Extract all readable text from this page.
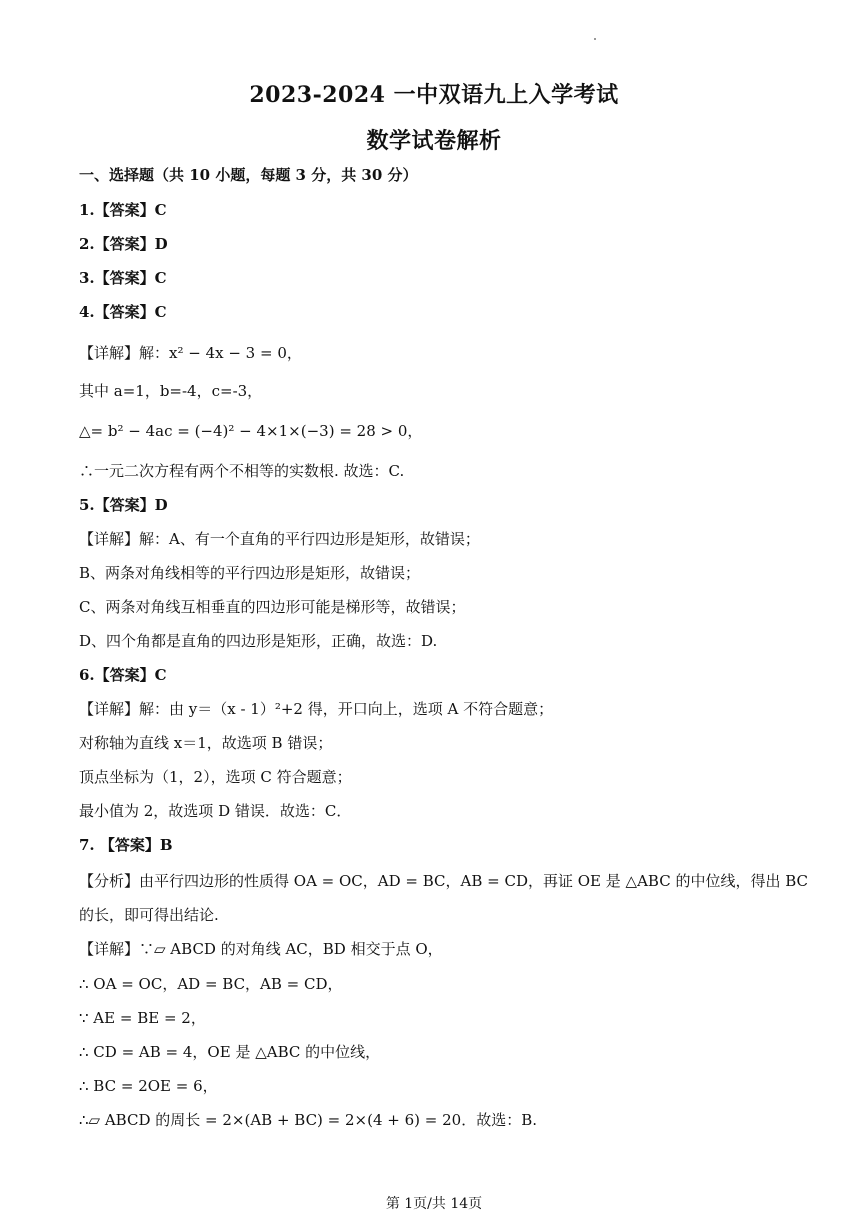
2023-2024 一中双语九上入学考试
数学试卷解析
一、选择题（共 10 小题，每题 3 分，共 30 分）
1.【答案】C
2.【答案】D
3.【答案】C
4.【答案】C
【详解】解：x² − 4x − 3 = 0，
其中 a=1，b=-4，c=-3，
△= b² − 4ac = (−4)² − 4×1×(−3) = 28 > 0，
∴一元二次方程有两个不相等的实数根. 故选：C.
5.【答案】D
【详解】解：A、有一个直角的平行四边形是矩形，故错误；
B、两条对角线相等的平行四边形是矩形，故错误；
C、两条对角线互相垂直的四边形可能是梯形等，故错误；
D、四个角都是直角的四边形是矩形，正确，故选：D.
6.【答案】C
【详解】解：由 y＝（x - 1）²+2 得，开口向上，选项 A 不符合题意；
对称轴为直线 x＝1，故选项 B 错误；
顶点坐标为（1，2），选项 C 符合题意；
最小值为 2，故选项 D 错误．故选：C．
7. 【答案】B
【分析】由平行四边形的性质得 OA = OC，AD = BC，AB = CD，再证 OE 是 △ABC 的中位线，得出 BC
的长，即可得出结论.
【详解】∵▱ ABCD 的对角线 AC，BD 相交于点 O，
∴ OA = OC，AD = BC，AB = CD，
∵ AE = BE = 2，
∴ CD = AB = 4，OE 是 △ABC 的中位线，
∴ BC = 2OE = 6，
∴▱ ABCD 的周长 = 2×(AB + BC) = 2×(4 + 6) = 20．故选：B.
第 1页/共 14页
